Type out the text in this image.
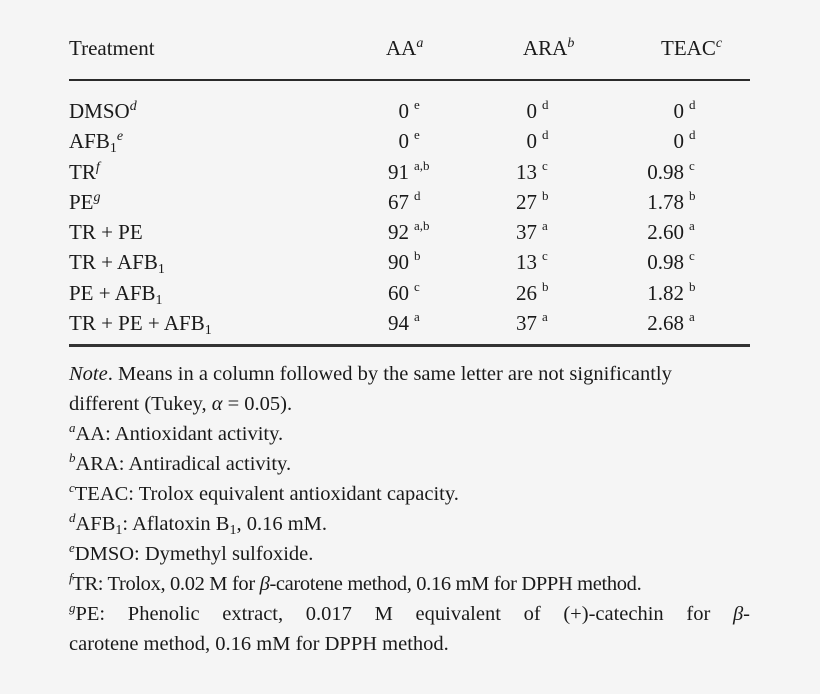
Treatment	$AA^a$	ARA$^b$	TEAC$^c$
DMSO$^d$	0 $^e$	0 $^d$	0 $^d$
$AFB_1^e$	0 $^e$	0 $^d$	0 $^d$
$TR^f$	91 $^{a,b}$	13 $^c$	0.98 $^c$
$PE^g$	67 $^d$	27 $^b$	1.78 $^b$
TR + PE	92 $^{a,b}$	37 $^a$	2.60 $^a$
TR + $AFB_1$	90 $^b$	13 $^c$	0.98 $^c$
PE + $AFB_1$	60 $^c$	26 $^b$	1.82 $^b$
TR + PE + $AFB_1$	94 $^a$	37 $^a$	2.68 $^a$
Note. Means in a column followed by the same letter are not significantly
different (Tukey, α = 0.05).
$^a$AA: Antioxidant activity.
$^b$ARA: Antiradical activity.
$^c$TEAC: Trolox equivalent antioxidant capacity.
$^dAFB_1$: Aflatoxin $B_1$, 0.16 mM.
$^e$DMSO: Dymethyl sulfoxide.
$^f$TR: Trolox, 0.02 M for β-carotene method, 0.16 mM for DPPH method.
$^g$PE: Phenolic extract, 0.017 M equivalent of (+)-catechin for β-
carotene method, 0.16 mM for DPPH method.
